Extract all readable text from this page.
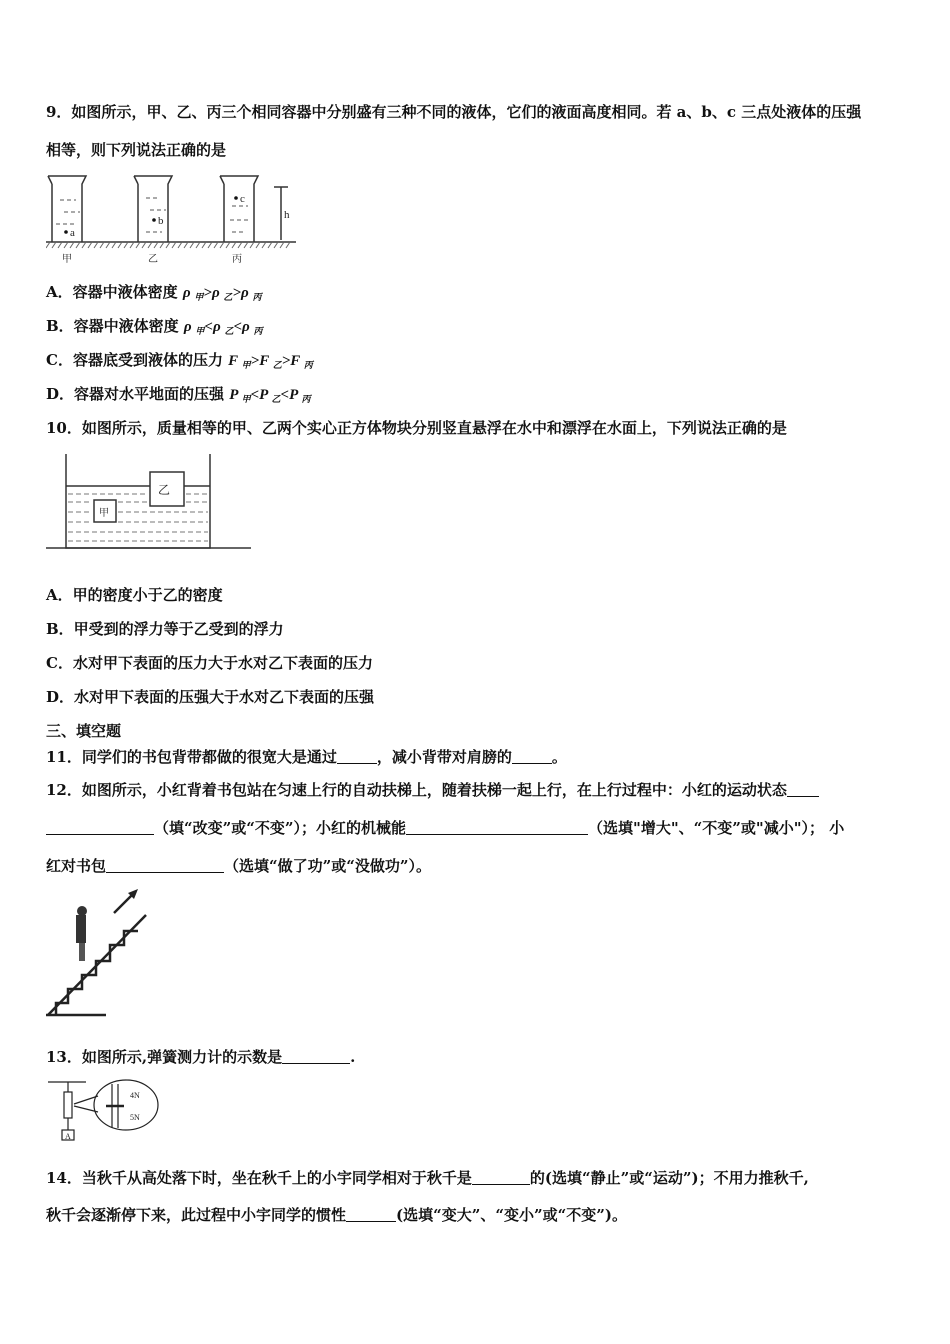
9．如图所示，甲、乙、丙三个相同容器中分别盛有三种不同的液体，它们的液面高度相同。若 a、b、c 三点处液体的压强
相等，则下列说法正确的是
a
b
c
h
甲	乙	丙
A．容器中液体密度 ρ $_甲$>ρ $_乙$>ρ $_丙$
B．容器中液体密度 ρ $_甲$<ρ $_乙$<ρ $_丙$
C．容器底受到液体的压力 F $_甲$>F $_乙$>F $_丙$
D．容器对水平地面的压强 P $_甲$<P $_乙$<P $_丙$
10．如图所示，质量相等的甲、乙两个实心正方体物块分别竖直悬浮在水中和漂浮在水面上，下列说法正确的是
乙
甲
A．甲的密度小于乙的密度
B．甲受到的浮力等于乙受到的浮力
C．水对甲下表面的压力大于水对乙下表面的压力
D．水对甲下表面的压强大于水对乙下表面的压强
三、填空题
11．同学们的书包背带都做的很宽大是通过	，减小背带对肩膀的	。
12．如图所示，小红背着书包站在匀速上行的自动扶梯上，随着扶梯一起上行，在上行过程中：小红的运动状态
（填“改变”或“不变”）；小红的机械能	（选填"增大"、“不变”或"减小"）； 小
红对书包	（选填“做了功”或“没做功”）。
13．如图所示,弹簧测力计的示数是	.
A
4N
5N
14．当秋千从高处落下时，坐在秋千上的小宇同学相对于秋千是	的(选填“静止”或“运动”)；不用力推秋千,
秋千会逐渐停下来，此过程中小宇同学的惯性	(选填“变大”、“变小”或“不变”)。
